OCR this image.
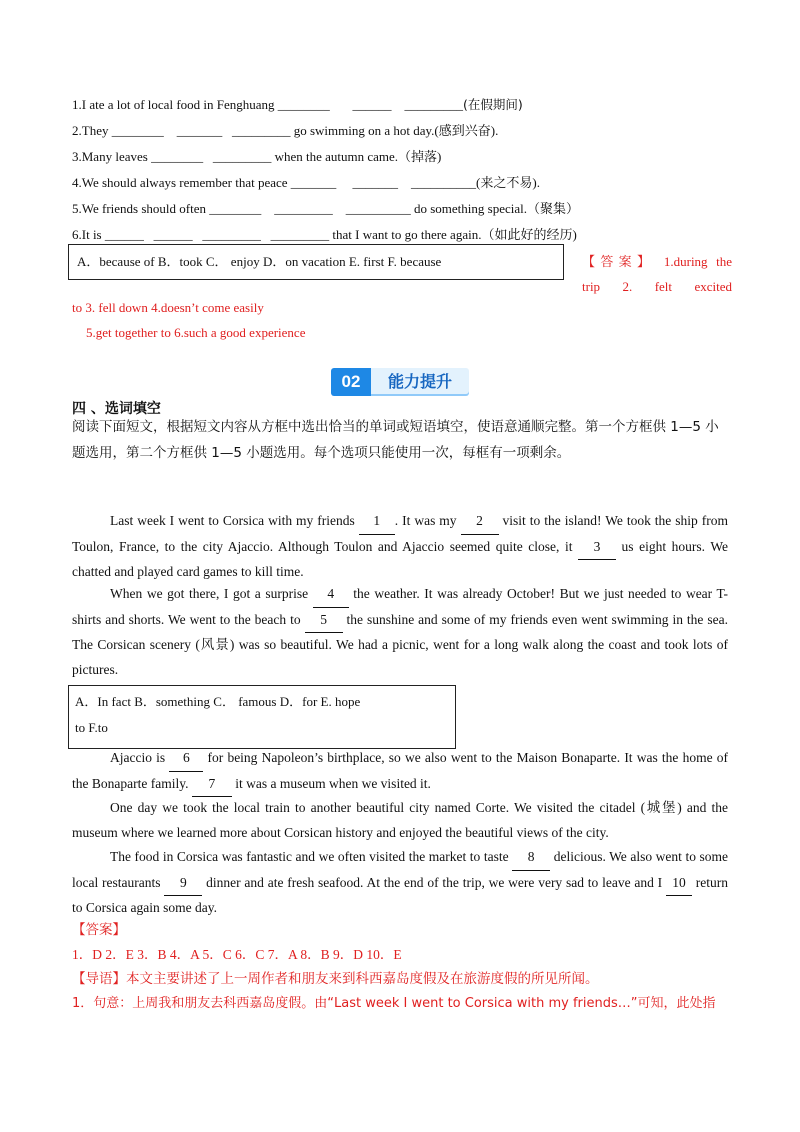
1.I ate a lot of local food in Fenghuang ________ ______ _________(在假期间)
2.They ________ _______ _________ go swimming on a hot day.(感到兴奋).
3.Many leaves ________ _________ when the autumn came.（掉落)
4.We should always remember that peace _______ _______ __________(来之不易).
5.We friends should often ________ _________ __________ do something special.（聚集）
6.It is ______ ______ _________   _________ that I want to go there again.（如此好的经历)
A．because of B．took C． enjoy D．on vacation E. first F. because	【答案】 1.during the
trip 2. felt excited
to 3. fell down 4.doesn’t come easily
5.get together to 6.such a good experience
02	能力提升
四 、选词填空
阅读下面短文，根据短文内容从方框中选出恰当的单词或短语填空，使语意通顺完整。第一个方框供 1—5 小题选用，第二个方框供 1—5 小题选用。每个选项只能使用一次，每框有一项剩余。
Last week I went to Corsica with my friends 1 . It was my 2 visit to the island! We took the ship from Toulon, France, to the city Ajaccio. Although Toulon and Ajaccio seemed quite close, it 3 us eight hours. We chatted and played card games to kill time.
When we got there, I got a surprise 4 the weather. It was already October! But we just needed to wear T-shirts and shorts. We went to the beach to 5 the sunshine and some of my friends even went swimming in the sea. The Corsican scenery (风景) was so beautiful. We had a picnic, went for a long walk along the coast and took lots of pictures.
A．In fact B．something C． famous D．for E. hope
to F.to
Ajaccio is 6 for being Napoleon’s birthplace, so we also went to the Maison Bonaparte. It was the home of the Bonaparte family. 7 it was a museum when we visited it.
One day we took the local train to another beautiful city named Corte. We visited the citadel (城堡) and the museum where we learned more about Corsican history and enjoyed the beautiful views of the city.
The food in Corsica was fantastic and we often visited the market to taste 8 delicious. We also went to some local restaurants 9 dinner and ate fresh seafood. At the end of the trip, we were very sad to leave and I 10 return to Corsica again some day.
【答案】
1．D 2．E 3．B 4．A 5．C 6．C 7．A 8．B 9．D 10．E
【导语】本文主要讲述了上一周作者和朋友来到科西嘉岛度假及在旅游度假的所见所闻。
1．句意：上周我和朋友去科西嘉岛度假。由“Last week I went to Corsica with my friends…”可知，此处指
